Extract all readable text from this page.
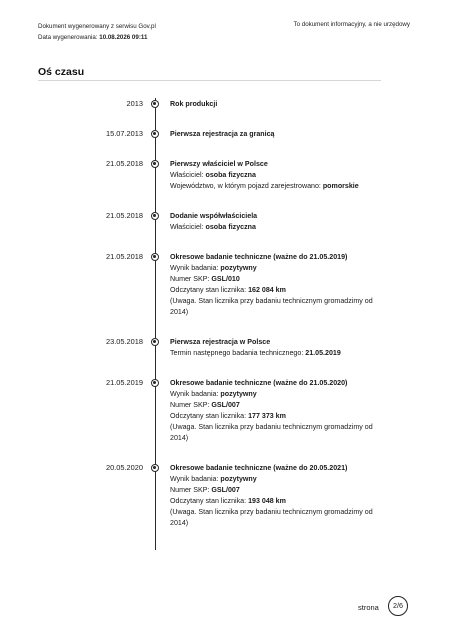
Dokument wygenerowany z serwisu Gov.pl
Data wygenerowania: 10.08.2026 09:11
To dokument informacyjny, a nie urzędowy
Oś czasu
2013	Rok produkcji
15.07.2013	Pierwsza rejestracja za granicą
21.05.2018	Pierwszy właściciel w Polsce
Właściciel: osoba fizyczna
Województwo, w którym pojazd zarejestrowano: pomorskie
21.05.2018	Dodanie współwłaściciela
Właściciel: osoba fizyczna
21.05.2018	Okresowe badanie techniczne (ważne do 21.05.2019)
Wynik badania: pozytywny
Numer SKP: GSL/010
Odczytany stan licznika: 162 084 km
(Uwaga. Stan licznika przy badaniu technicznym gromadzimy od
2014)
23.05.2018	Pierwsza rejestracja w Polsce
Termin następnego badania technicznego: 21.05.2019
21.05.2019	Okresowe badanie techniczne (ważne do 21.05.2020)
Wynik badania: pozytywny
Numer SKP: GSL/007
Odczytany stan licznika: 177 373 km
(Uwaga. Stan licznika przy badaniu technicznym gromadzimy od
2014)
20.05.2020	Okresowe badanie techniczne (ważne do 20.05.2021)
Wynik badania: pozytywny
Numer SKP: GSL/007
Odczytany stan licznika: 193 048 km
(Uwaga. Stan licznika przy badaniu technicznym gromadzimy od
2014)
strona	2/6
